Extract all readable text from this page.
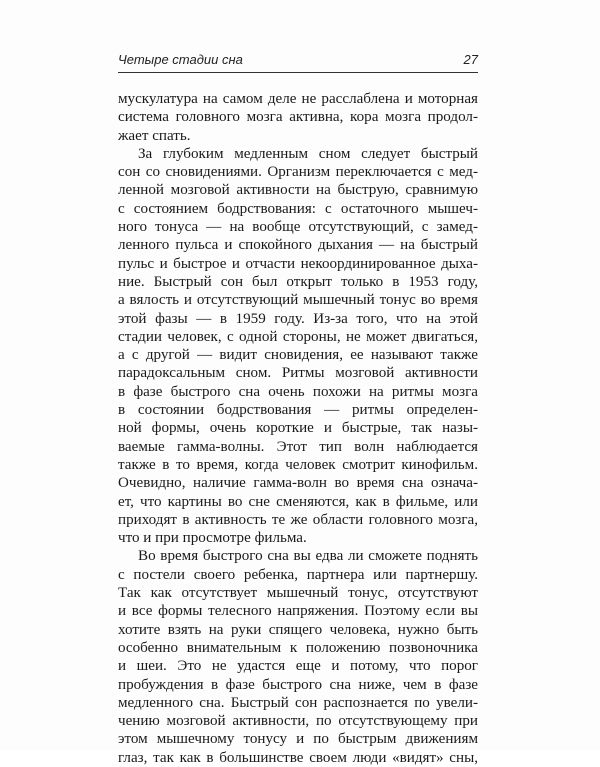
Четыре стадии сна	27
мускулатура на самом деле не расслаблена и моторная
система головного мозга активна, кора мозга продол-
жает спать.
За глубоким медленным сном следует быстрый
сон со сновидениями. Организм переключается с мед-
ленной мозговой активности на быструю, сравнимую
с состоянием бодрствования: с остаточного мышеч-
ного тонуса — на вообще отсутствующий, с замед-
ленного пульса и спокойного дыхания — на быстрый
пульс и быстрое и отчасти некоординированное дыха-
ние. Быстрый сон был открыт только в 1953 году,
а вялость и отсутствующий мышечный тонус во время
этой фазы — в 1959 году. Из-за того, что на этой
стадии человек, с одной стороны, не может двигаться,
а с другой — видит сновидения, ее называют также
парадоксальным сном. Ритмы мозговой активности
в фазе быстрого сна очень похожи на ритмы мозга
в состоянии бодрствования — ритмы определен-
ной формы, очень короткие и быстрые, так назы-
ваемые гамма-волны. Этот тип волн наблюдается
также в то время, когда человек смотрит кинофильм.
Очевидно, наличие гамма-волн во время сна означа-
ет, что картины во сне сменяются, как в фильме, или
приходят в активность те же области головного мозга,
что и при просмотре фильма.
Во время быстрого сна вы едва ли сможете поднять
с постели своего ребенка, партнера или партнершу.
Так как отсутствует мышечный тонус, отсутствуют
и все формы телесного напряжения. Поэтому если вы
хотите взять на руки спящего человека, нужно быть
особенно внимательным к положению позвоночника
и шеи. Это не удастся еще и потому, что порог
пробуждения в фазе быстрого сна ниже, чем в фазе
медленного сна. Быстрый сон распознается по увели-
чению мозговой активности, по отсутствующему при
этом мышечному тонусу и по быстрым движениям
глаз, так как в большинстве своем люди «видят» сны,
